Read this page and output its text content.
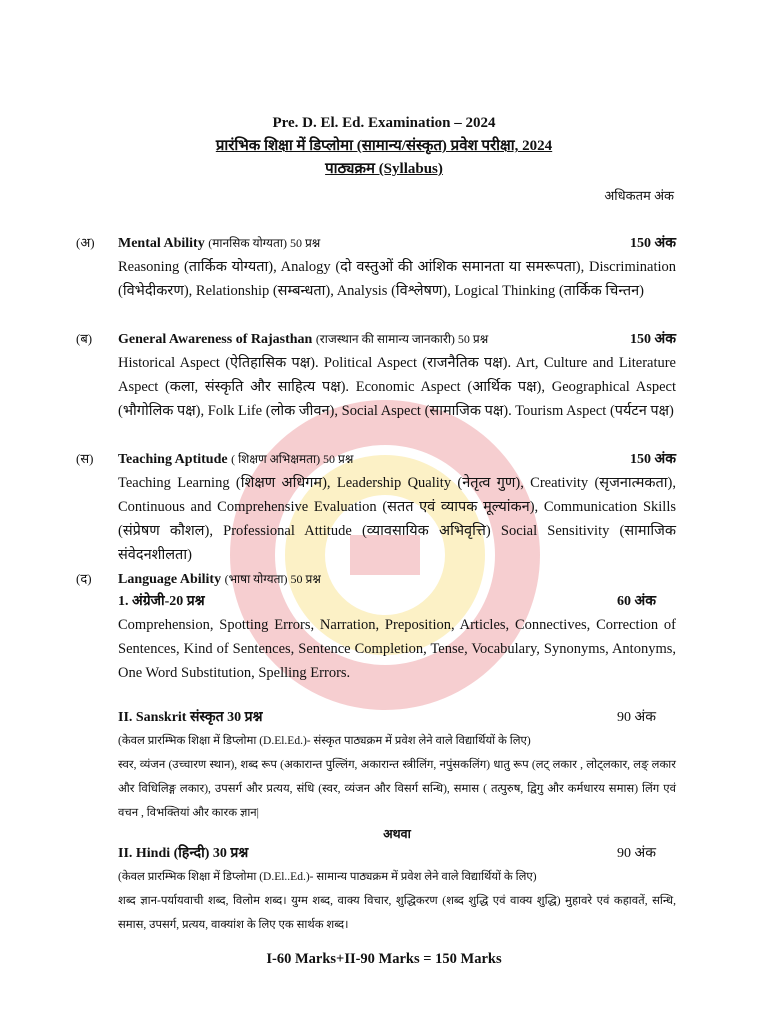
Pre. D. El. Ed. Examination – 2024
प्रारंभिक शिक्षा में डिप्लोमा (सामान्य/संस्कृत) प्रवेश परीक्षा, 2024
पाठ्यक्रम (Syllabus)
अधिकतम अंक
(अ)	Mental Ability (मानसिक योग्यता) 50 प्रश्न	150 अंक
Reasoning (तार्किक योग्यता), Analogy (दो वस्तुओं की आंशिक समानता या समरूपता), Discrimination (विभेदीकरण), Relationship (सम्बन्धता), Analysis (विश्लेषण), Logical Thinking (तार्किक चिन्तन)
(ब)	General Awareness of Rajasthan (राजस्थान की सामान्य जानकारी) 50 प्रश्न	150 अंक
Historical Aspect (ऐतिहासिक पक्ष). Political Aspect (राजनैतिक पक्ष). Art, Culture and Literature Aspect (कला, संस्कृति और साहित्य पक्ष). Economic Aspect (आर्थिक पक्ष), Geographical Aspect (भौगोलिक पक्ष), Folk Life (लोक जीवन), Social Aspect (सामाजिक पक्ष). Tourism Aspect (पर्यटन पक्ष)
(स)	Teaching Aptitude ( शिक्षण अभिक्षमता) 50 प्रश्न	150 अंक
Teaching Learning (शिक्षण अधिगम), Leadership Quality (नेतृत्व गुण), Creativity (सृजनात्मकता), Continuous and Comprehensive Evaluation (सतत एवं व्यापक मूल्यांकन), Communication Skills (संप्रेषण कौशल), Professional Attitude (व्यावसायिक अभिवृत्ति) Social Sensitivity (सामाजिक संवेदनशीलता)
(द)	Language Ability (भाषा योग्यता) 50 प्रश्न
1. अंग्रेजी-20 प्रश्न	60 अंक
Comprehension, Spotting Errors, Narration, Preposition, Articles, Connectives, Correction of Sentences, Kind of Sentences, Sentence Completion, Tense, Vocabulary, Synonyms, Antonyms, One Word Substitution, Spelling Errors.
II. Sanskrit संस्कृत 30 प्रश्न	90 अंक
(केवल प्रारम्भिक शिक्षा में डिप्लोमा (D.El.Ed.)- संस्कृत पाठ्यक्रम में प्रवेश लेने वाले विद्यार्थियों के लिए)
स्वर, व्यंजन (उच्चारण स्थान), शब्द रूप (अकारान्त पुल्लिंग, अकारान्त स्त्रीलिंग, नपुंसकलिंग) धातु रूप (लट् लकार , लोट्लकार, लङ् लकार और विधिलिङ्ग लकार), उपसर्ग और प्रत्यय, संधि (स्वर, व्यंजन और विसर्ग सन्धि), समास ( तत्पुरुष, द्विगु और कर्मधारय समास) लिंग एवं वचन , विभक्तियां और कारक ज्ञान|
अथवा
II. Hindi (हिन्दी) 30 प्रश्न	90 अंक
(केवल प्रारम्भिक शिक्षा में डिप्लोमा (D.El..Ed.)- सामान्य पाठ्यक्रम में प्रवेश लेने वाले विद्यार्थियों के लिए)
शब्द ज्ञान-पर्यायवाची शब्द, विलोम शब्द। युग्म शब्द, वाक्य विचार, शुद्धिकरण (शब्द शुद्धि एवं वाक्य शुद्धि) मुहावरे एवं कहावतें, सन्धि, समास, उपसर्ग, प्रत्यय, वाक्यांश के लिए एक सार्थक शब्द।
I-60 Marks+II-90 Marks = 150 Marks
